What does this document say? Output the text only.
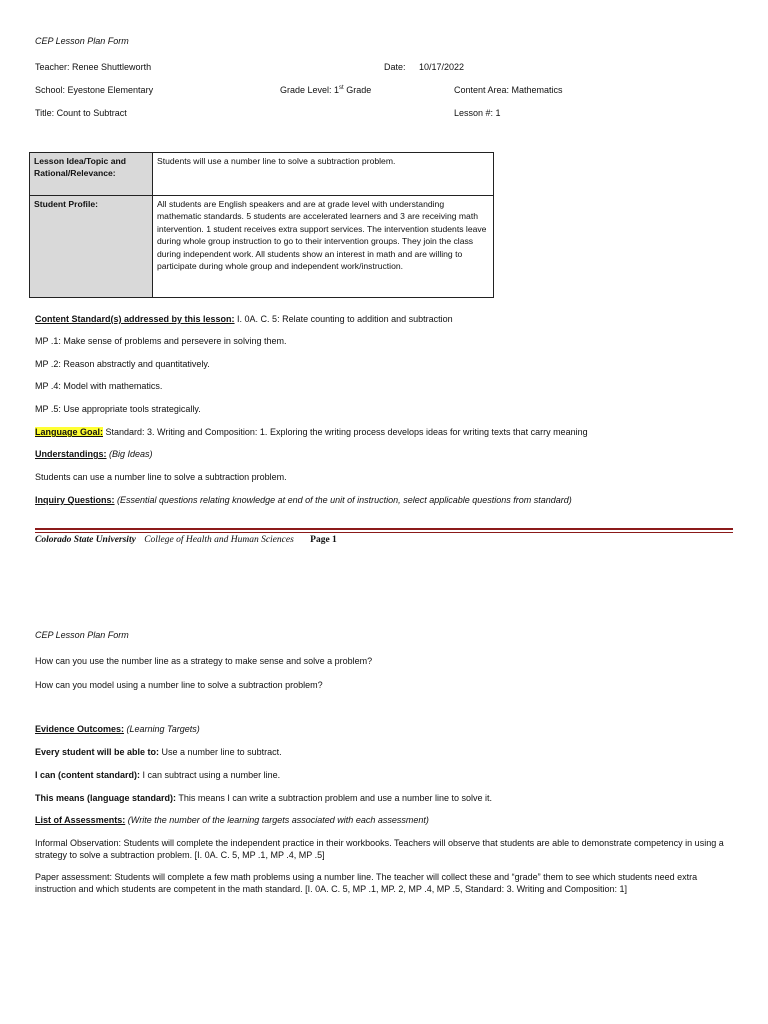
CEP Lesson Plan Form
Teacher: Renee Shuttleworth	Date: 10/17/2022
School: Eyestone Elementary	Grade Level: 1st Grade	Content Area: Mathematics
Title: Count to Subtract	Lesson #: 1
Lesson Idea/Topic and Rational/Relevance:	Students will use a number line to solve a subtraction problem.
Student Profile:	All students are English speakers and are at grade level with understanding mathematic standards. 5 students are accelerated learners and 3 are receiving math intervention. 1 student receives extra support services. The intervention students leave during whole group instruction to go to their intervention groups. They join the class during independent work. All students show an interest in math and are willing to participate during whole group and independent work/instruction.
Content Standard(s) addressed by this lesson: I. 0A. C. 5: Relate counting to addition and subtraction
MP .1: Make sense of problems and persevere in solving them.
MP .2: Reason abstractly and quantitatively.
MP .4: Model with mathematics.
MP .5: Use appropriate tools strategically.
Language Goal: Standard: 3. Writing and Composition: 1. Exploring the writing process develops ideas for writing texts that carry meaning
Understandings: (Big Ideas)
Students can use a number line to solve a subtraction problem.
Inquiry Questions: (Essential questions relating knowledge at end of the unit of instruction, select applicable questions from standard)
Colorado State University College of Health and Human Sciences Page 1
CEP Lesson Plan Form
How can you use the number line as a strategy to make sense and solve a problem?
How can you model using a number line to solve a subtraction problem?
Evidence Outcomes: (Learning Targets)
Every student will be able to: Use a number line to subtract.
I can (content standard): I can subtract using a number line.
This means (language standard): This means I can write a subtraction problem and use a number line to solve it.
List of Assessments: (Write the number of the learning targets associated with each assessment)
Informal Observation: Students will complete the independent practice in their workbooks. Teachers will observe that students are able to demonstrate competency in using a strategy to solve a subtraction problem. [I. 0A. C. 5, MP .1, MP .4, MP .5]
Paper assessment: Students will complete a few math problems using a number line. The teacher will collect these and “grade” them to see which students need extra instruction and which students are competent in the math standard. [I. 0A. C. 5, MP .1, MP. 2, MP .4, MP .5, Standard: 3. Writing and Composition: 1]
